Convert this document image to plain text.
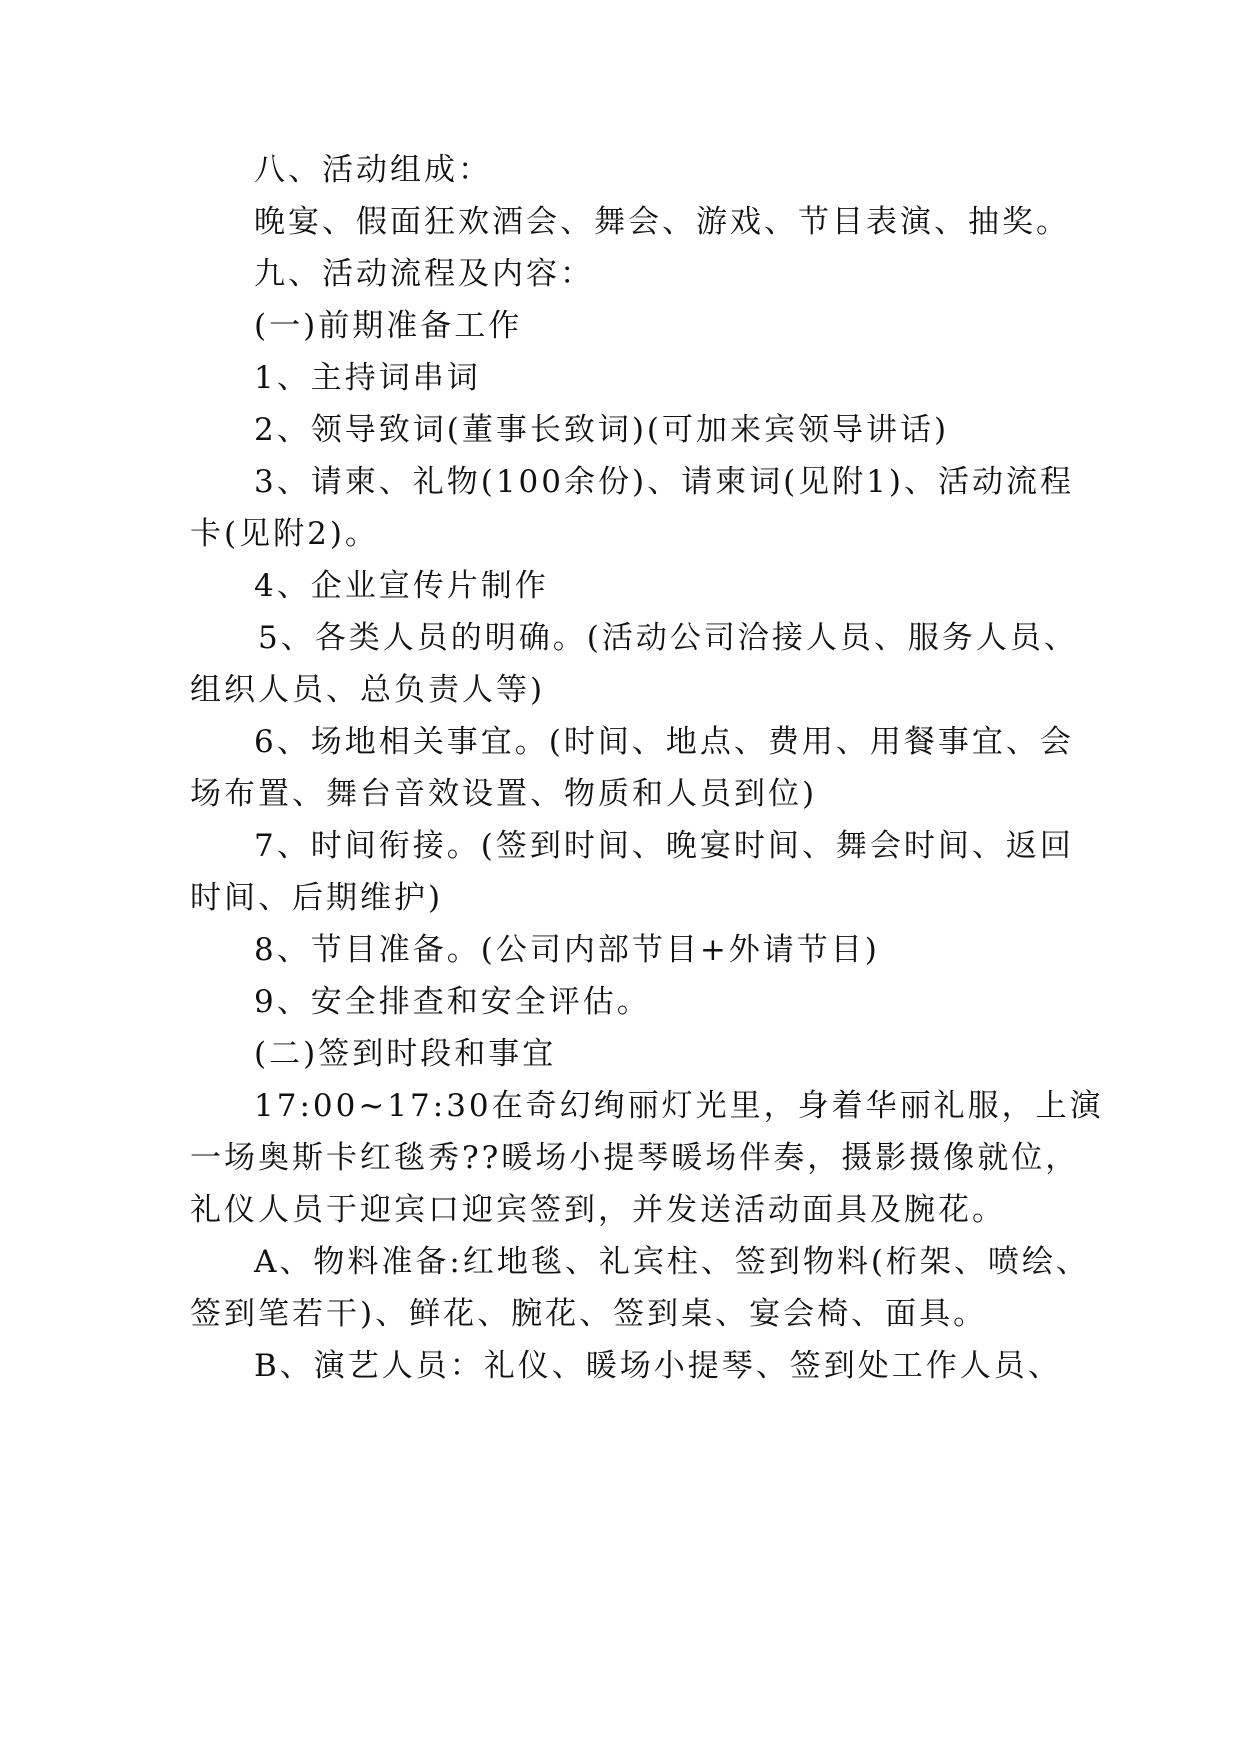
八、活动组成：
晚宴、假面狂欢酒会、舞会、游戏、节目表演、抽奖。
九、活动流程及内容：
(一)前期准备工作
1、主持词串词
2、领导致词(董事长致词)(可加来宾领导讲话)
3、请柬、礼物(100余份)、请柬词(见附1)、活动流程
卡(见附2)。
4、企业宣传片制作
5、各类人员的明确。(活动公司洽接人员、服务人员、
组织人员、总负责人等)
6、场地相关事宜。(时间、地点、费用、用餐事宜、会
场布置、舞台音效设置、物质和人员到位)
7、时间衔接。(签到时间、晚宴时间、舞会时间、返回
时间、后期维护)
8、节目准备。(公司内部节目+外请节目)
9、安全排查和安全评估。
(二)签到时段和事宜
17:00~17:30在奇幻绚丽灯光里，身着华丽礼服，上演
一场奥斯卡红毯秀??暖场小提琴暖场伴奏，摄影摄像就位，
礼仪人员于迎宾口迎宾签到，并发送活动面具及腕花。
A、物料准备:红地毯、礼宾柱、签到物料(桁架、喷绘、
签到笔若干)、鲜花、腕花、签到桌、宴会椅、面具。
B、演艺人员：礼仪、暖场小提琴、签到处工作人员、
